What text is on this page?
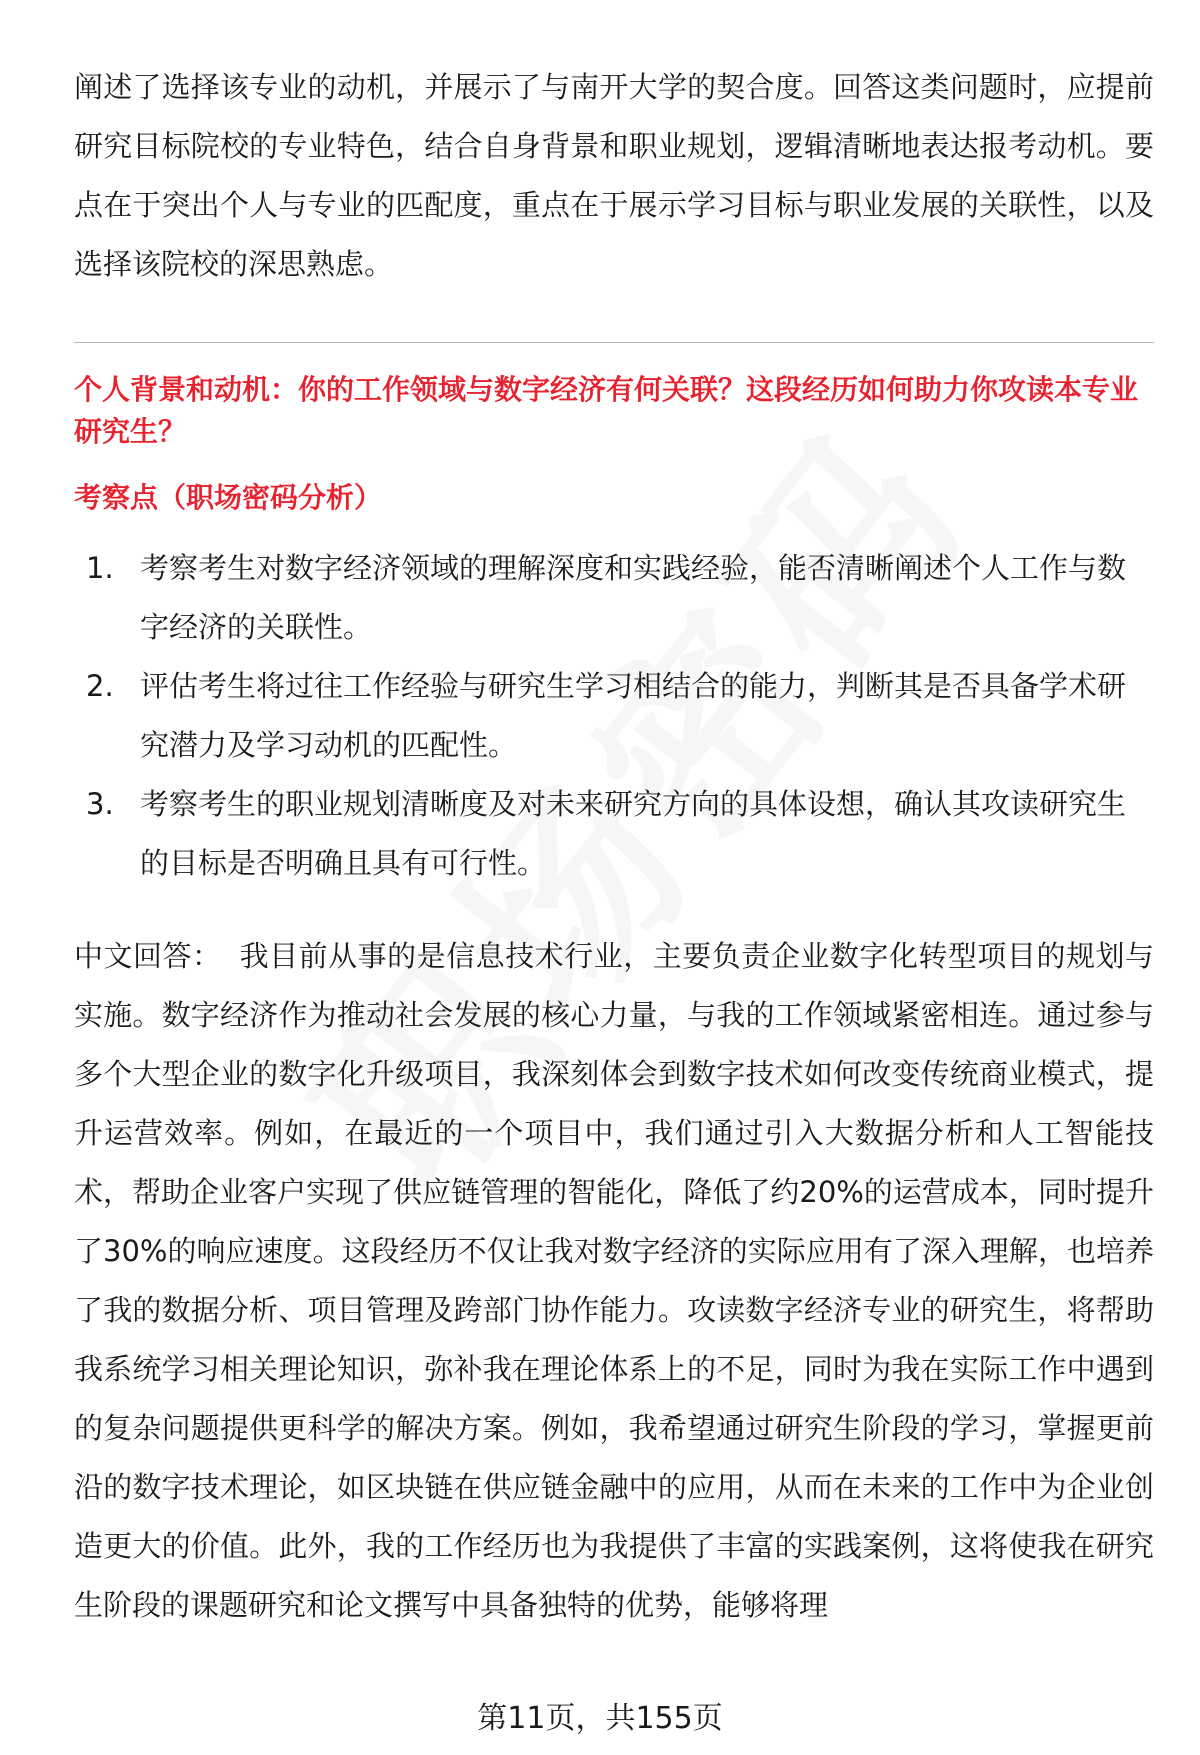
阐述了选择该专业的动机，并展示了与南开大学的契合度。回答这类问题时，应提前研究目标院校的专业特色，结合自身背景和职业规划，逻辑清晰地表达报考动机。要点在于突出个人与专业的匹配度，重点在于展示学习目标与职业发展的关联性，以及选择该院校的深思熟虑。

个人背景和动机：你的工作领域与数字经济有何关联？这段经历如何助力你攻读本专业研究生？
考察点（职场密码分析）
1. 考察考生对数字经济领域的理解深度和实践经验，能否清晰阐述个人工作与数字经济的关联性。
2. 评估考生将过往工作经验与研究生学习相结合的能力，判断其是否具备学术研究潜力及学习动机的匹配性。
3. 考察考生的职业规划清晰度及对未来研究方向的具体设想，确认其攻读研究生的目标是否明确且具有可行性。

中文回答： 我目前从事的是信息技术行业，主要负责企业数字化转型项目的规划与实施。数字经济作为推动社会发展的核心力量，与我的工作领域紧密相连。通过参与多个大型企业的数字化升级项目，我深刻体会到数字技术如何改变传统商业模式，提升运营效率。例如，在最近的一个项目中，我们通过引入大数据分析和人工智能技术，帮助企业客户实现了供应链管理的智能化，降低了约20%的运营成本，同时提升了30%的响应速度。这段经历不仅让我对数字经济的实际应用有了深入理解，也培养了我的数据分析、项目管理及跨部门协作能力。攻读数字经济专业的研究生，将帮助我系统学习相关理论知识，弥补我在理论体系上的不足，同时为我在实际工作中遇到的复杂问题提供更科学的解决方案。例如，我希望通过研究生阶段的学习，掌握更前沿的数字技术理论，如区块链在供应链金融中的应用，从而在未来的工作中为企业创造更大的价值。此外，我的工作经历也为我提供了丰富的实践案例，这将使我在研究生阶段的课题研究和论文撰写中具备独特的优势，能够将理

第11页，共155页
